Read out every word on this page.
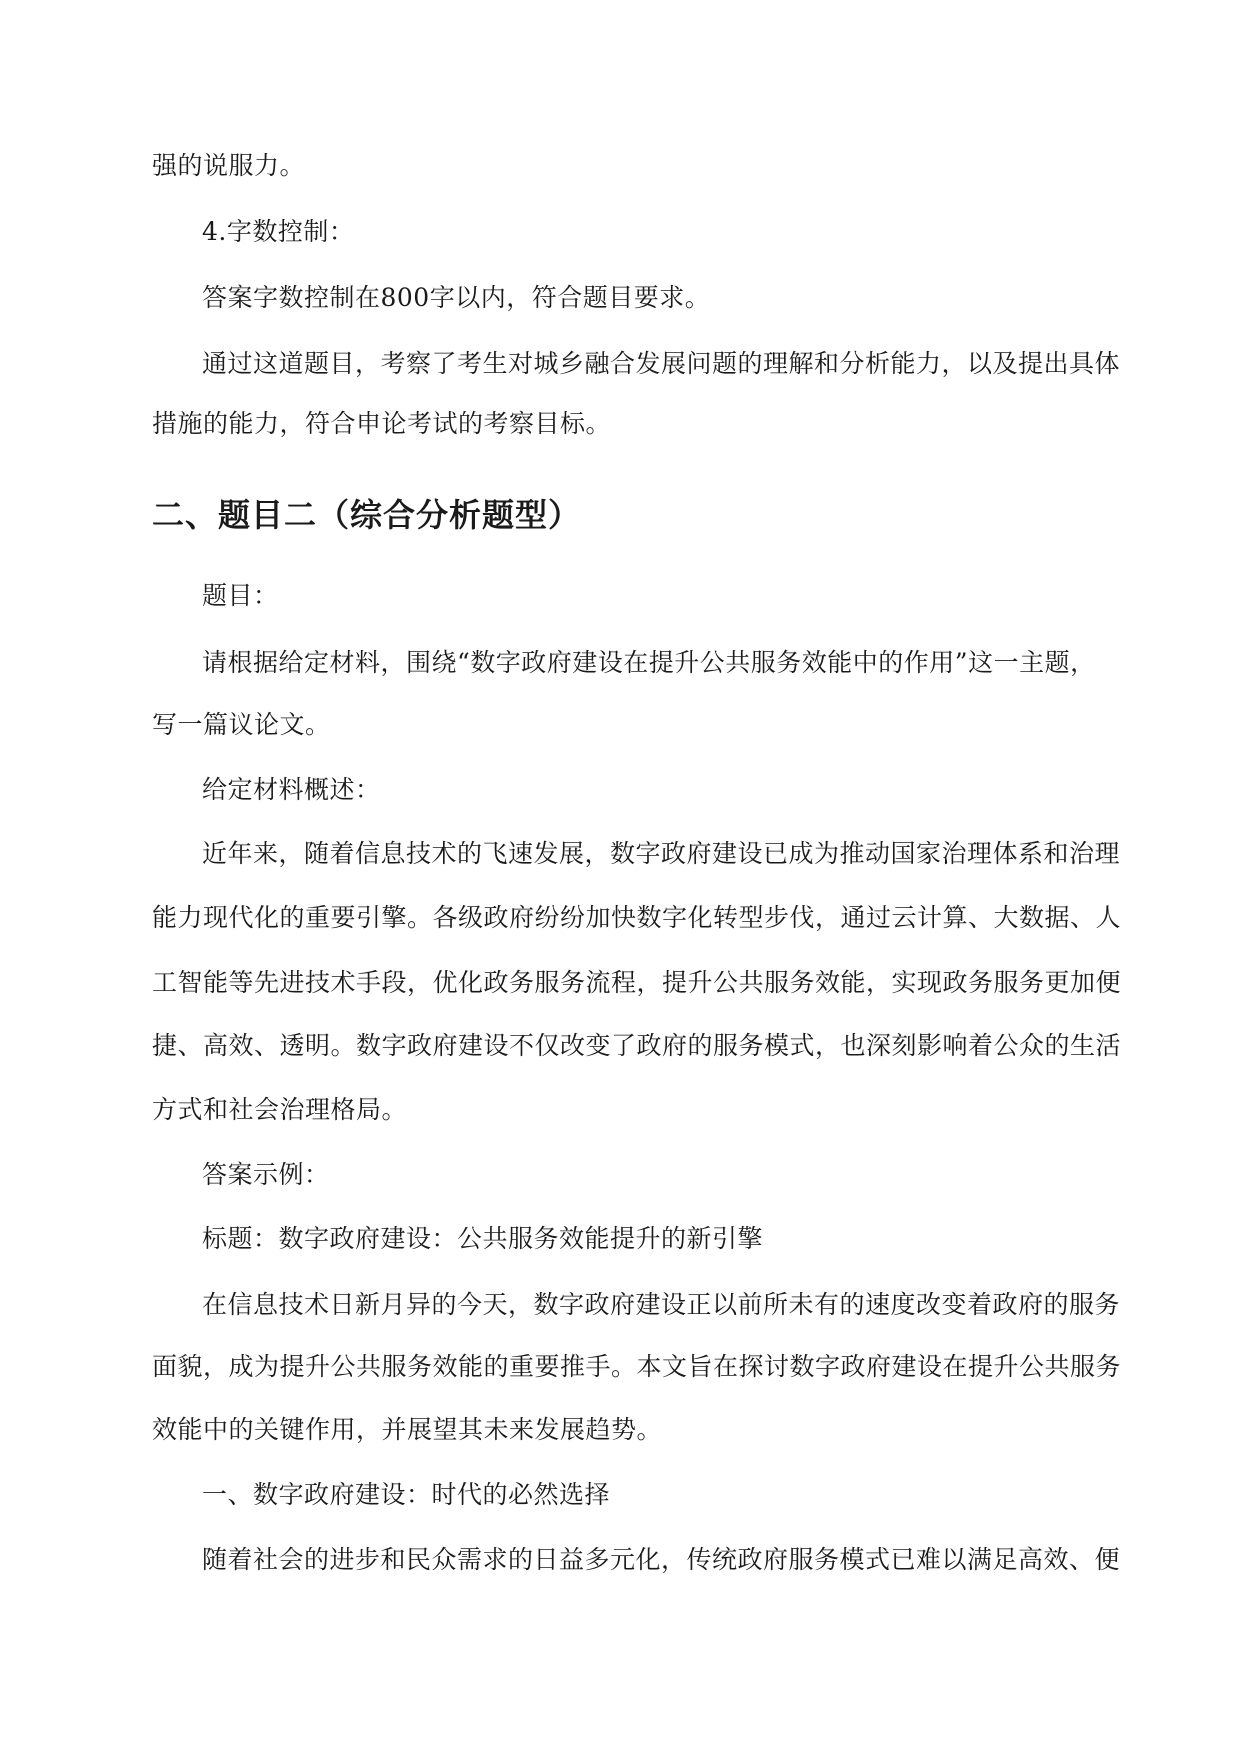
强的说服力。
4.字数控制：
答案字数控制在800字以内，符合题目要求。
通过这道题目，考察了考生对城乡融合发展问题的理解和分析能力，以及提出具体
措施的能力，符合申论考试的考察目标。
二、题目二（综合分析题型）
题目：
请根据给定材料，围绕“数字政府建设在提升公共服务效能中的作用”这一主题，
写一篇议论文。
给定材料概述：
近年来，随着信息技术的飞速发展，数字政府建设已成为推动国家治理体系和治理
能力现代化的重要引擎。各级政府纷纷加快数字化转型步伐，通过云计算、大数据、人
工智能等先进技术手段，优化政务服务流程，提升公共服务效能，实现政务服务更加便
捷、高效、透明。数字政府建设不仅改变了政府的服务模式，也深刻影响着公众的生活
方式和社会治理格局。
答案示例：
标题：数字政府建设：公共服务效能提升的新引擎
在信息技术日新月异的今天，数字政府建设正以前所未有的速度改变着政府的服务
面貌，成为提升公共服务效能的重要推手。本文旨在探讨数字政府建设在提升公共服务
效能中的关键作用，并展望其未来发展趋势。
一、数字政府建设：时代的必然选择
随着社会的进步和民众需求的日益多元化，传统政府服务模式已难以满足高效、便
